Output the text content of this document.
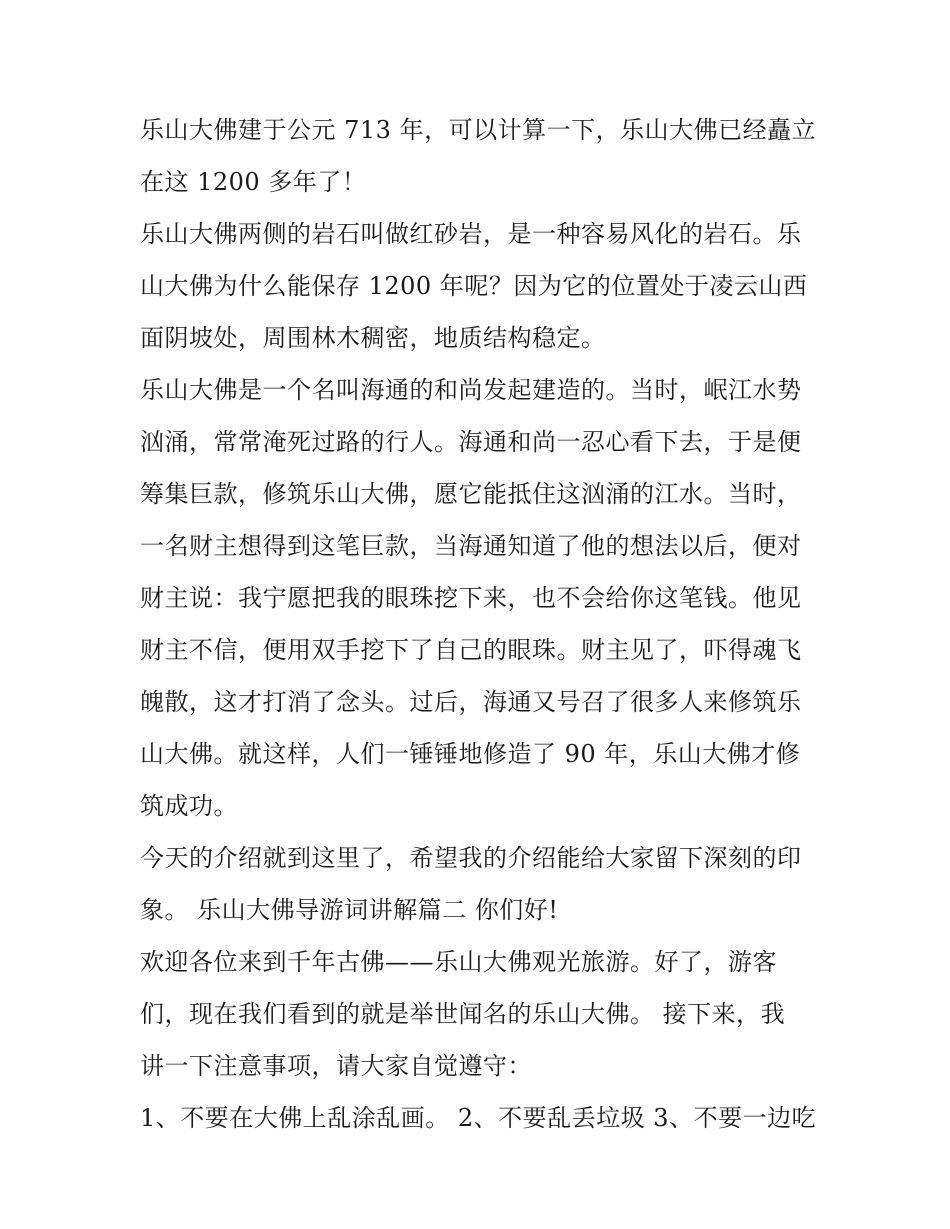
乐山大佛建于公元 713 年，可以计算一下，乐山大佛已经矗立
在这 1200 多年了！
乐山大佛两侧的岩石叫做红砂岩，是一种容易风化的岩石。乐
山大佛为什么能保存 1200 年呢？因为它的位置处于凌云山西
面阴坡处，周围林木稠密，地质结构稳定。
乐山大佛是一个名叫海通的和尚发起建造的。当时，岷江水势
汹涌，常常淹死过路的行人。海通和尚一忍心看下去，于是便
筹集巨款，修筑乐山大佛，愿它能抵住这汹涌的江水。当时，
一名财主想得到这笔巨款，当海通知道了他的想法以后，便对
财主说：我宁愿把我的眼珠挖下来，也不会给你这笔钱。他见
财主不信，便用双手挖下了自己的眼珠。财主见了，吓得魂飞
魄散，这才打消了念头。过后，海通又号召了很多人来修筑乐
山大佛。就这样，人们一锤锤地修造了 90 年，乐山大佛才修
筑成功。
今天的介绍就到这里了，希望我的介绍能给大家留下深刻的印
象。 乐山大佛导游词讲解篇二 你们好!
欢迎各位来到千年古佛——乐山大佛观光旅游。好了，游客
们，现在我们看到的就是举世闻名的乐山大佛。 接下来，我
讲一下注意事项，请大家自觉遵守：
1、不要在大佛上乱涂乱画。 2、不要乱丢垃圾 3、不要一边吃
